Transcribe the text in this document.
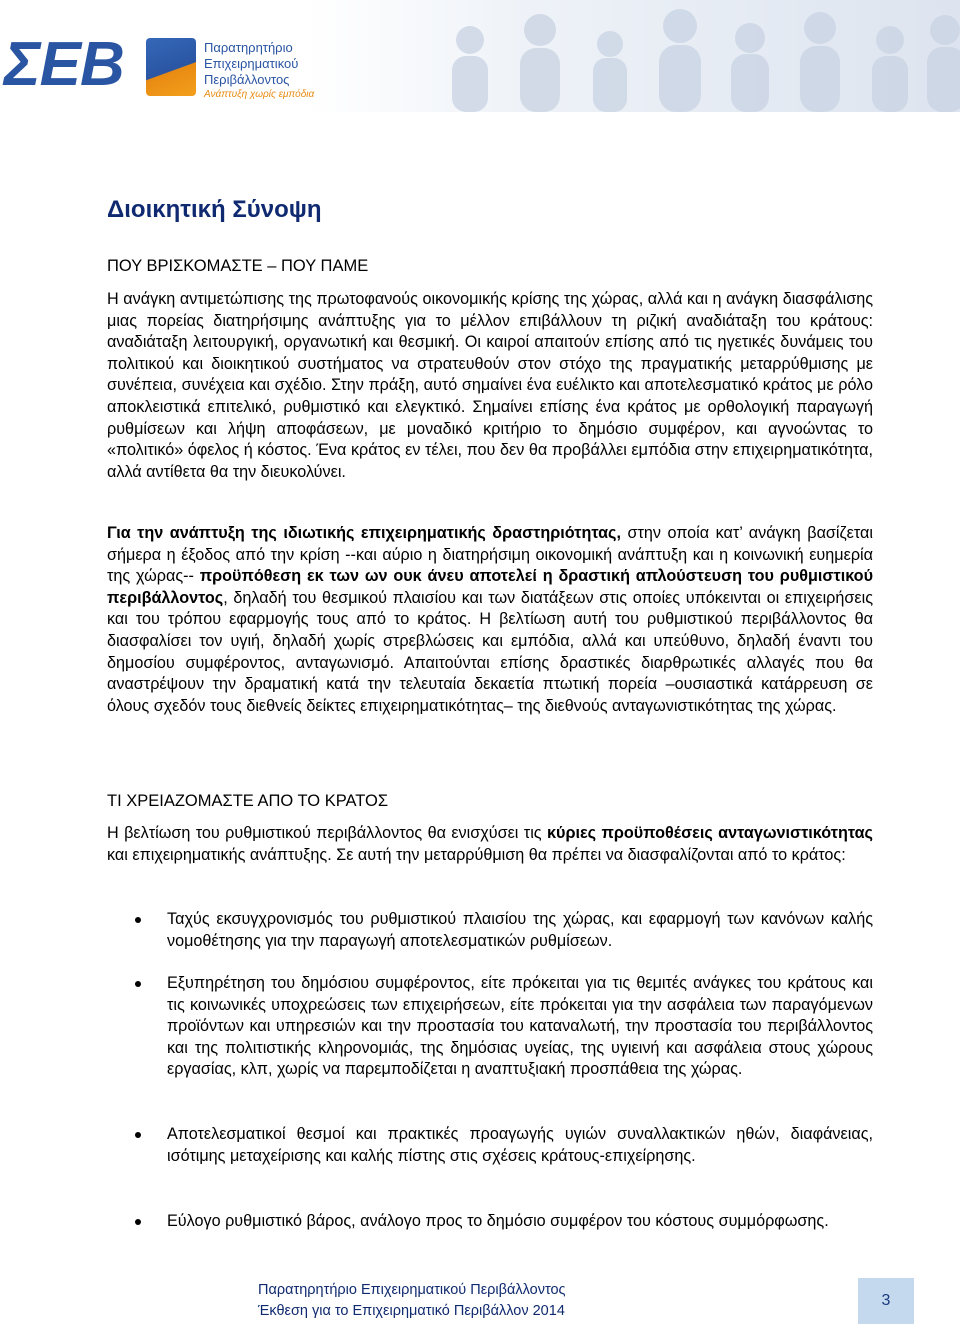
ΣΕΒ	Παρατηρητήριο
Επιχειρηματικού
Περιβάλλοντος
Ανάπτυξη χωρίς εμπόδια
Διοικητική Σύνοψη
ΠΟΥ ΒΡΙΣΚΟΜΑΣΤΕ – ΠΟΥ ΠΑΜΕ

Η ανάγκη αντιμετώπισης της πρωτοφανούς οικονομικής κρίσης της χώρας, αλλά και η ανάγκη διασφάλισης μιας πορείας διατηρήσιμης ανάπτυξης για το μέλλον επιβάλλουν τη ριζική αναδιάταξη του κράτους: αναδιάταξη λειτουργική, οργανωτική και θεσμική. Οι καιροί απαιτούν επίσης από τις ηγετικές δυνάμεις του πολιτικού και διοικητικού συστήματος να στρατευθούν στον στόχο της πραγματικής μεταρρύθμισης με συνέπεια, συνέχεια και σχέδιο. Στην πράξη, αυτό σημαίνει ένα ευέλικτο και αποτελεσματικό κράτος με ρόλο αποκλειστικά επιτελικό, ρυθμιστικό και ελεγκτικό. Σημαίνει επίσης ένα κράτος με ορθολογική παραγωγή ρυθμίσεων και λήψη αποφάσεων, με μοναδικό κριτήριο το δημόσιο συμφέρον, και αγνοώντας το «πολιτικό» όφελος ή κόστος. Ένα κράτος εν τέλει, που δεν θα προβάλλει εμπόδια στην επιχειρηματικότητα, αλλά αντίθετα θα την διευκολύνει.

Για την ανάπτυξη της ιδιωτικής επιχειρηματικής δραστηριότητας, στην οποία κατ’ ανάγκη βασίζεται σήμερα η έξοδος από την κρίση --και αύριο η διατηρήσιμη οικονομική ανάπτυξη και η κοινωνική ευημερία της χώρας-- προϋπόθεση εκ των ων ουκ άνευ αποτελεί η δραστική απλούστευση του ρυθμιστικού περιβάλλοντος, δηλαδή του θεσμικού πλαισίου και των διατάξεων στις οποίες υπόκεινται οι επιχειρήσεις και του τρόπου εφαρμογής τους από το κράτος. Η βελτίωση αυτή του ρυθμιστικού περιβάλλοντος θα διασφαλίσει τον υγιή, δηλαδή χωρίς στρεβλώσεις και εμπόδια, αλλά και υπεύθυνο, δηλαδή έναντι του δημοσίου συμφέροντος, ανταγωνισμό. Απαιτούνται επίσης δραστικές διαρθρωτικές αλλαγές που θα αναστρέψουν την δραματική κατά την τελευταία δεκαετία πτωτική πορεία –ουσιαστικά κατάρρευση σε όλους σχεδόν τους διεθνείς δείκτες επιχειρηματικότητας– της διεθνούς ανταγωνιστικότητας της χώρας.

ΤΙ ΧΡΕΙΑΖΟΜΑΣΤΕ ΑΠΟ ΤΟ ΚΡΑΤΟΣ

Η βελτίωση του ρυθμιστικού περιβάλλοντος θα ενισχύσει τις κύριες προϋποθέσεις ανταγωνιστικότητας και επιχειρηματικής ανάπτυξης. Σε αυτή την μεταρρύθμιση θα πρέπει να διασφαλίζονται από το κράτος:

Ταχύς εκσυγχρονισμός του ρυθμιστικού πλαισίου της χώρας, και εφαρμογή των κανόνων καλής νομοθέτησης για την παραγωγή αποτελεσματικών ρυθμίσεων.
Εξυπηρέτηση του δημόσιου συμφέροντος, είτε πρόκειται για τις θεμιτές ανάγκες του κράτους και τις κοινωνικές υποχρεώσεις των επιχειρήσεων, είτε πρόκειται για την ασφάλεια των παραγόμενων προϊόντων και υπηρεσιών και την προστασία του καταναλωτή, την προστασία του περιβάλλοντος και της πολιτιστικής κληρονομιάς, της δημόσιας υγείας, της υγιεινή και ασφάλεια στους χώρους εργασίας, κλπ, χωρίς να παρεμποδίζεται η αναπτυξιακή προσπάθεια της χώρας.
Αποτελεσματικοί θεσμοί και πρακτικές προαγωγής υγιών συναλλακτικών ηθών, διαφάνειας, ισότιμης μεταχείρισης και καλής πίστης στις σχέσεις κράτους-επιχείρησης.
Εύλογο ρυθμιστικό βάρος, ανάλογο προς το δημόσιο συμφέρον του κόστους συμμόρφωσης.
Παρατηρητήριο Επιχειρηματικού Περιβάλλοντος
Έκθεση για το Επιχειρηματικό Περιβάλλον 2014
3
